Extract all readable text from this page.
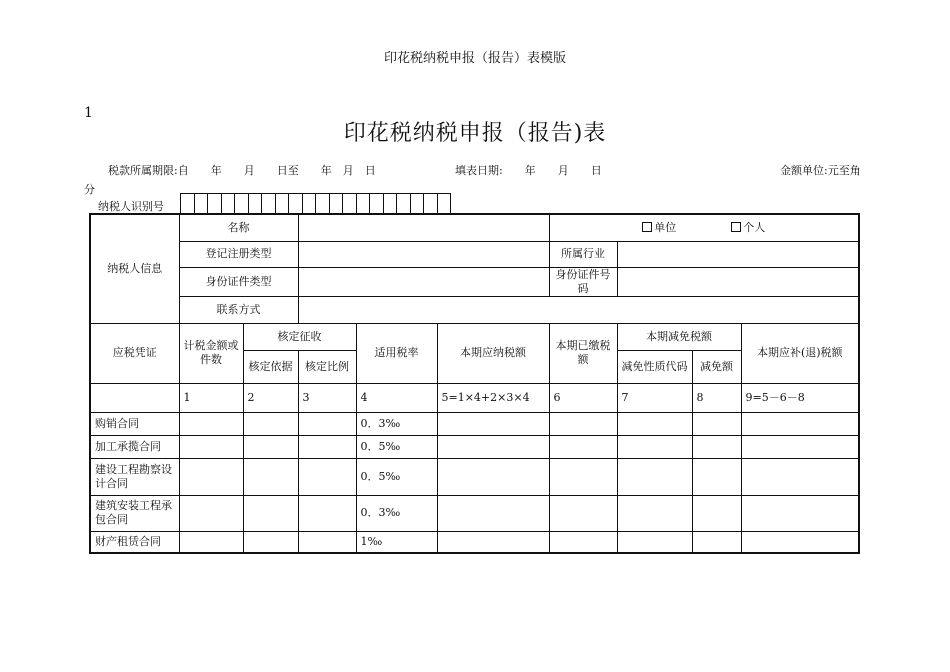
印花税纳税申报（报告）表模版
1
印花税纳税申报（报告)表
税款所属期限:自　　年　　月　　日至　　年　月　日	填表日期:　　年　　月　　日	金额单位:元至角
分
纳税人识别号
纳税人信息	名称					单位 个人			
	登记注册类型					所属行业			
	身份证件类型					身份证件号码			
	联系方式								
应税凭证	计税金额或件数	核定征收		适用税率	本期应纳税额	本期已缴税额	本期减免税额		本期应补(退)税额
		核定依据	核定比例				减免性质代码	减免额	
	1	2	3	4	5=1×4+2×3×4	6	7	8	9=5－6－8
购销合同				0．3‰					
加工承揽合同				0．5‰					
建设工程勘察设计合同				0．5‰					
建筑安装工程承包合同				0．3‰					
财产租赁合同				1‰					
